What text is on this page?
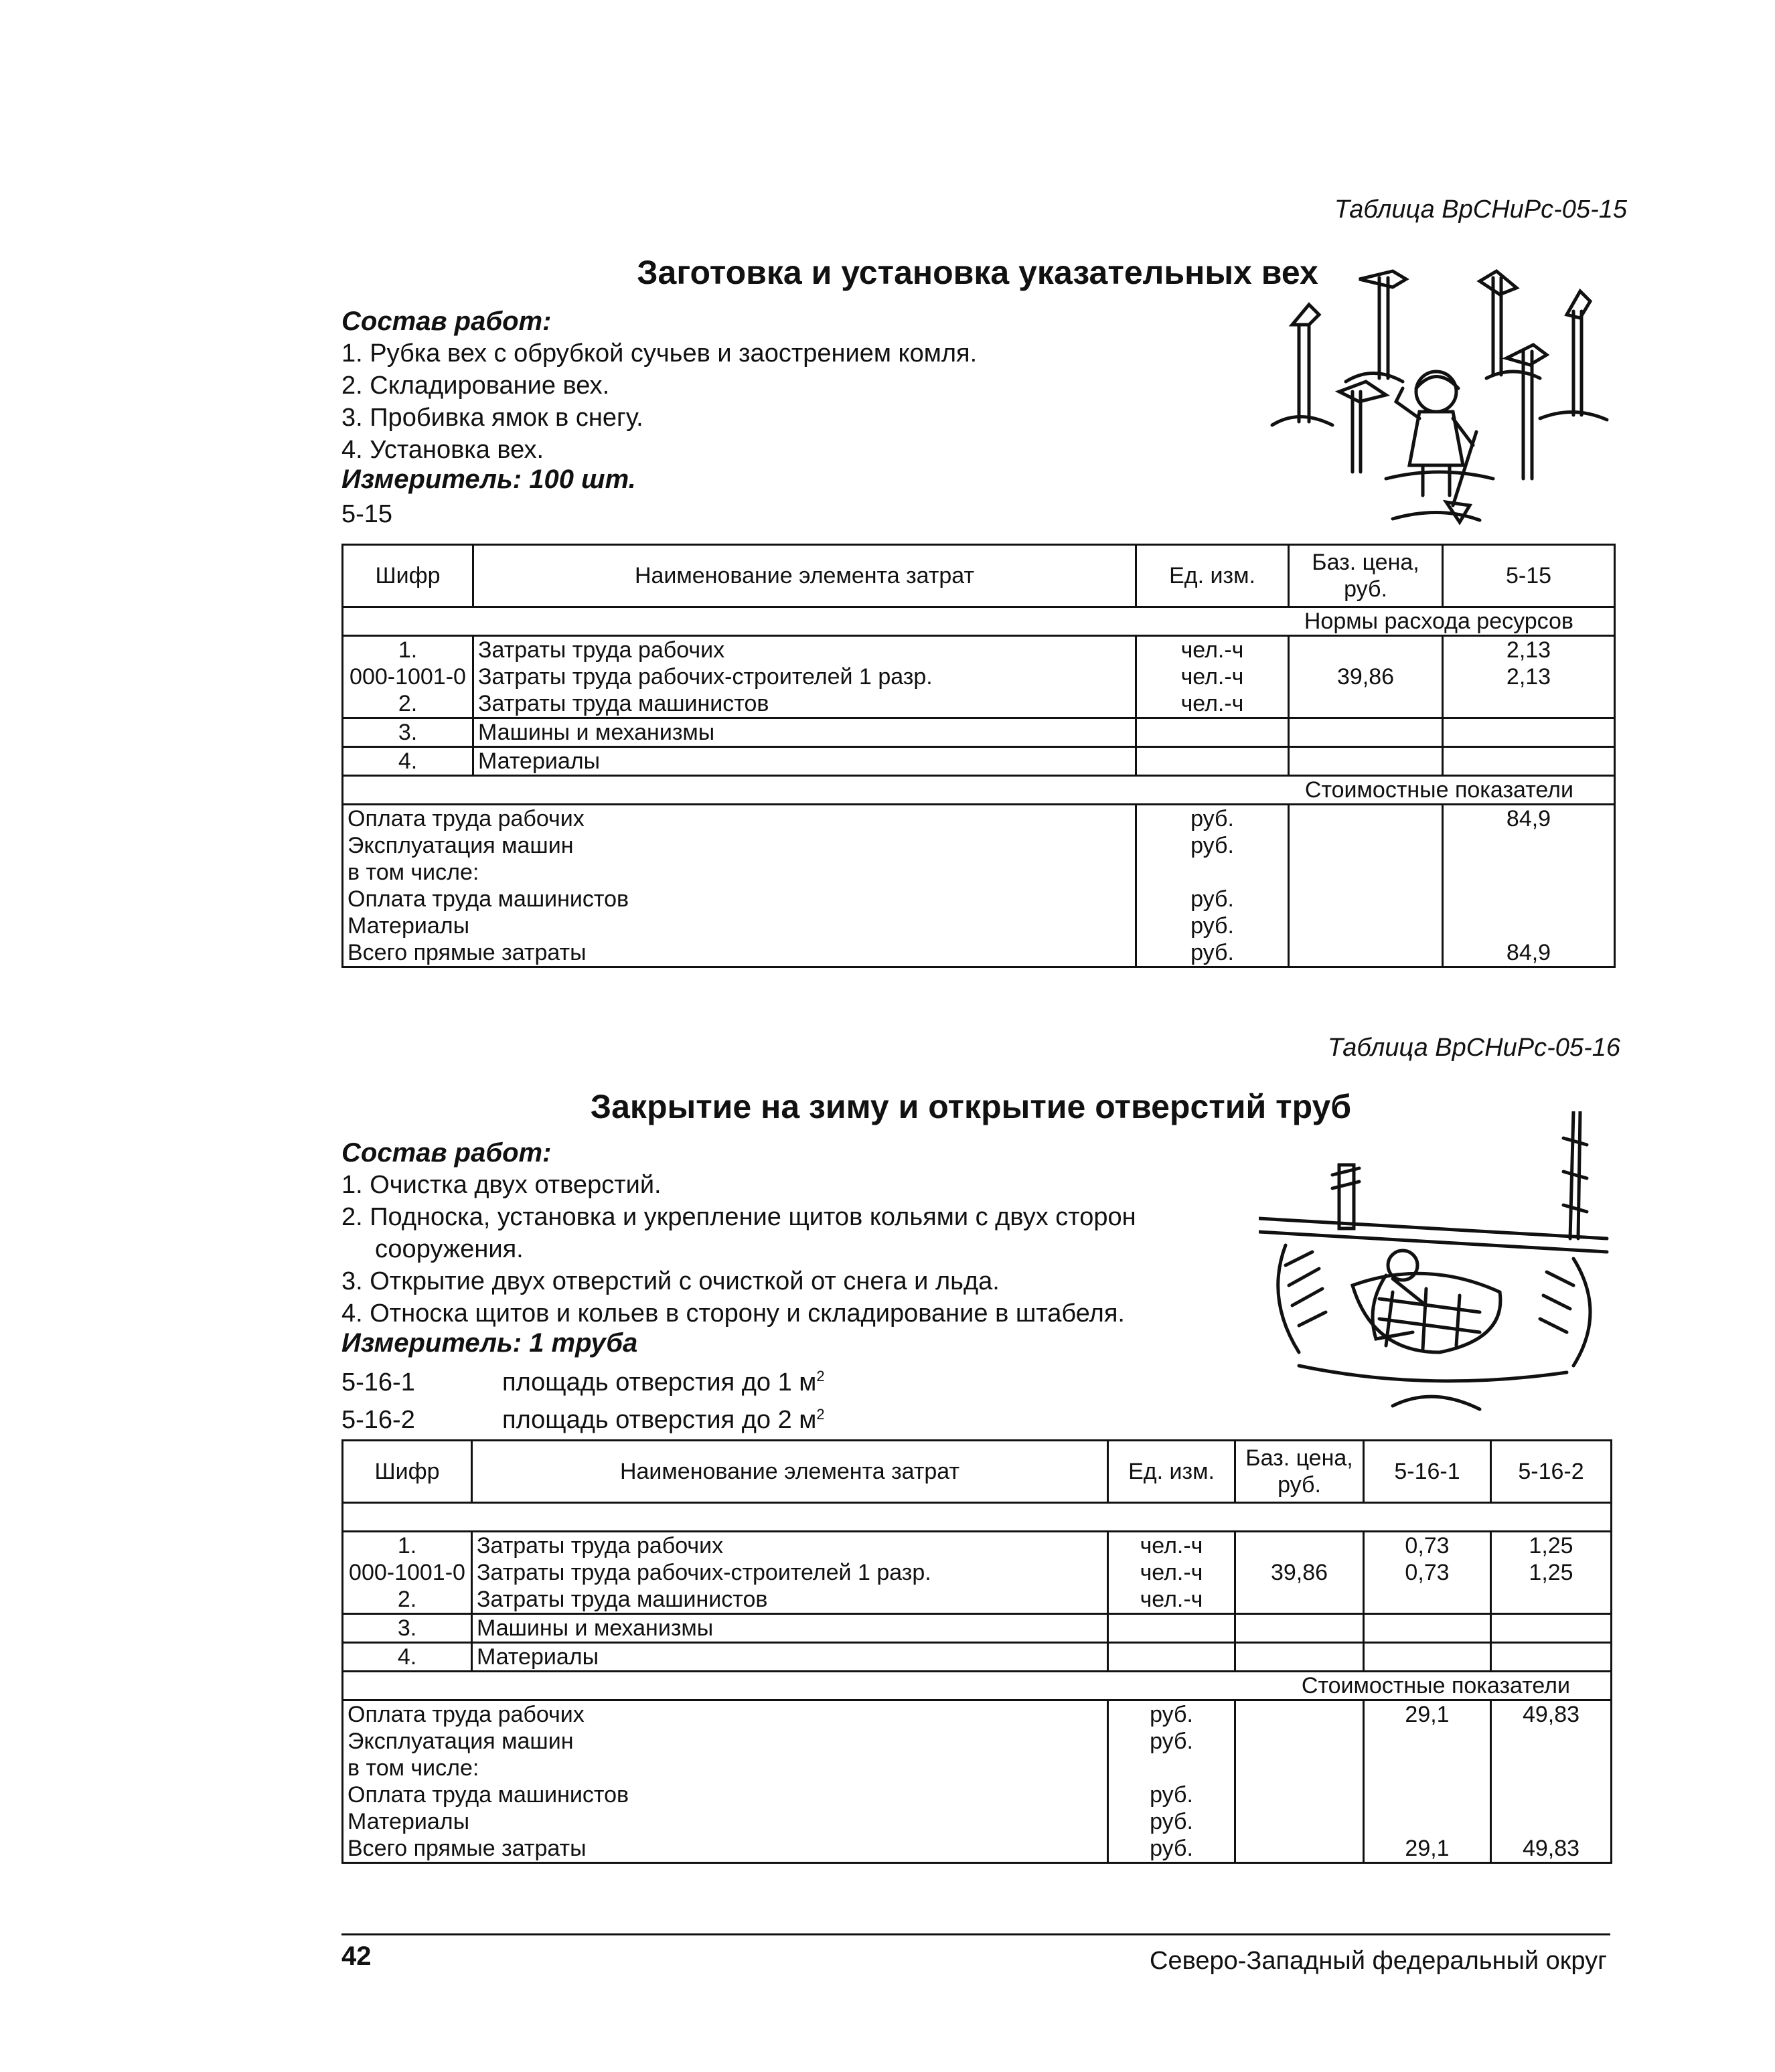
Таблица ВрСНиРс-05-15
Заготовка и установка указательных вех
Состав работ:
1. Рубка вех с обрубкой сучьев и заострением комля.
2. Складирование вех.
3. Пробивка ямок в снегу.
4. Установка вех.
Измеритель: 100 шт.
5-15
Шифр	Наименование элемента затрат	Ед. изм.	Баз. цена, руб.	5-15
Нормы расхода ресурсов				
1.	Затраты труда рабочих	чел.-ч		2,13
000-1001-0	Затраты труда рабочих-строителей 1 разр.	чел.-ч	39,86	2,13
2.	Затраты труда машинистов	чел.-ч		
3.	Машины и механизмы			
4.	Материалы			
Стоимостные показатели				
Оплата труда рабочих		руб.		84,9
Эксплуатация машин		руб.		
в том числе:				
Оплата труда машинистов		руб.		
Материалы		руб.		
Всего прямые затраты		руб.		84,9
Таблица ВрСНиРс-05-16
Закрытие на зиму и открытие отверстий труб
Состав работ:
1. Очистка двух отверстий.
2. Подноска, установка и укрепление щитов кольями с двух сторон сооружения.
3. Открытие двух отверстий с очисткой от снега и льда.
4. Относка щитов и кольев в сторону и складирование в штабеля.
Измеритель: 1 труба
5-16-1	площадь отверстия до 1 $м^2$
5-16-2	площадь отверстия до 2 $м^2$
Шифр	Наименование элемента затрат	Ед. изм.	Баз. цена, руб.	5-16-1	5-16-2

1.	Затраты труда рабочих	чел.-ч		0,73	1,25
000-1001-0	Затраты труда рабочих-строителей 1 разр.	чел.-ч	39,86	0,73	1,25
2.	Затраты труда машинистов	чел.-ч			
3.	Машины и механизмы				
4.	Материалы				
Стоимостные показатели					
Оплата труда рабочих		руб.		29,1	49,83
Эксплуатация машин		руб.			
в том числе:					
Оплата труда машинистов		руб.			
Материалы		руб.			
Всего прямые затраты		руб.		29,1	49,83
42	Северо-Западный федеральный округ
